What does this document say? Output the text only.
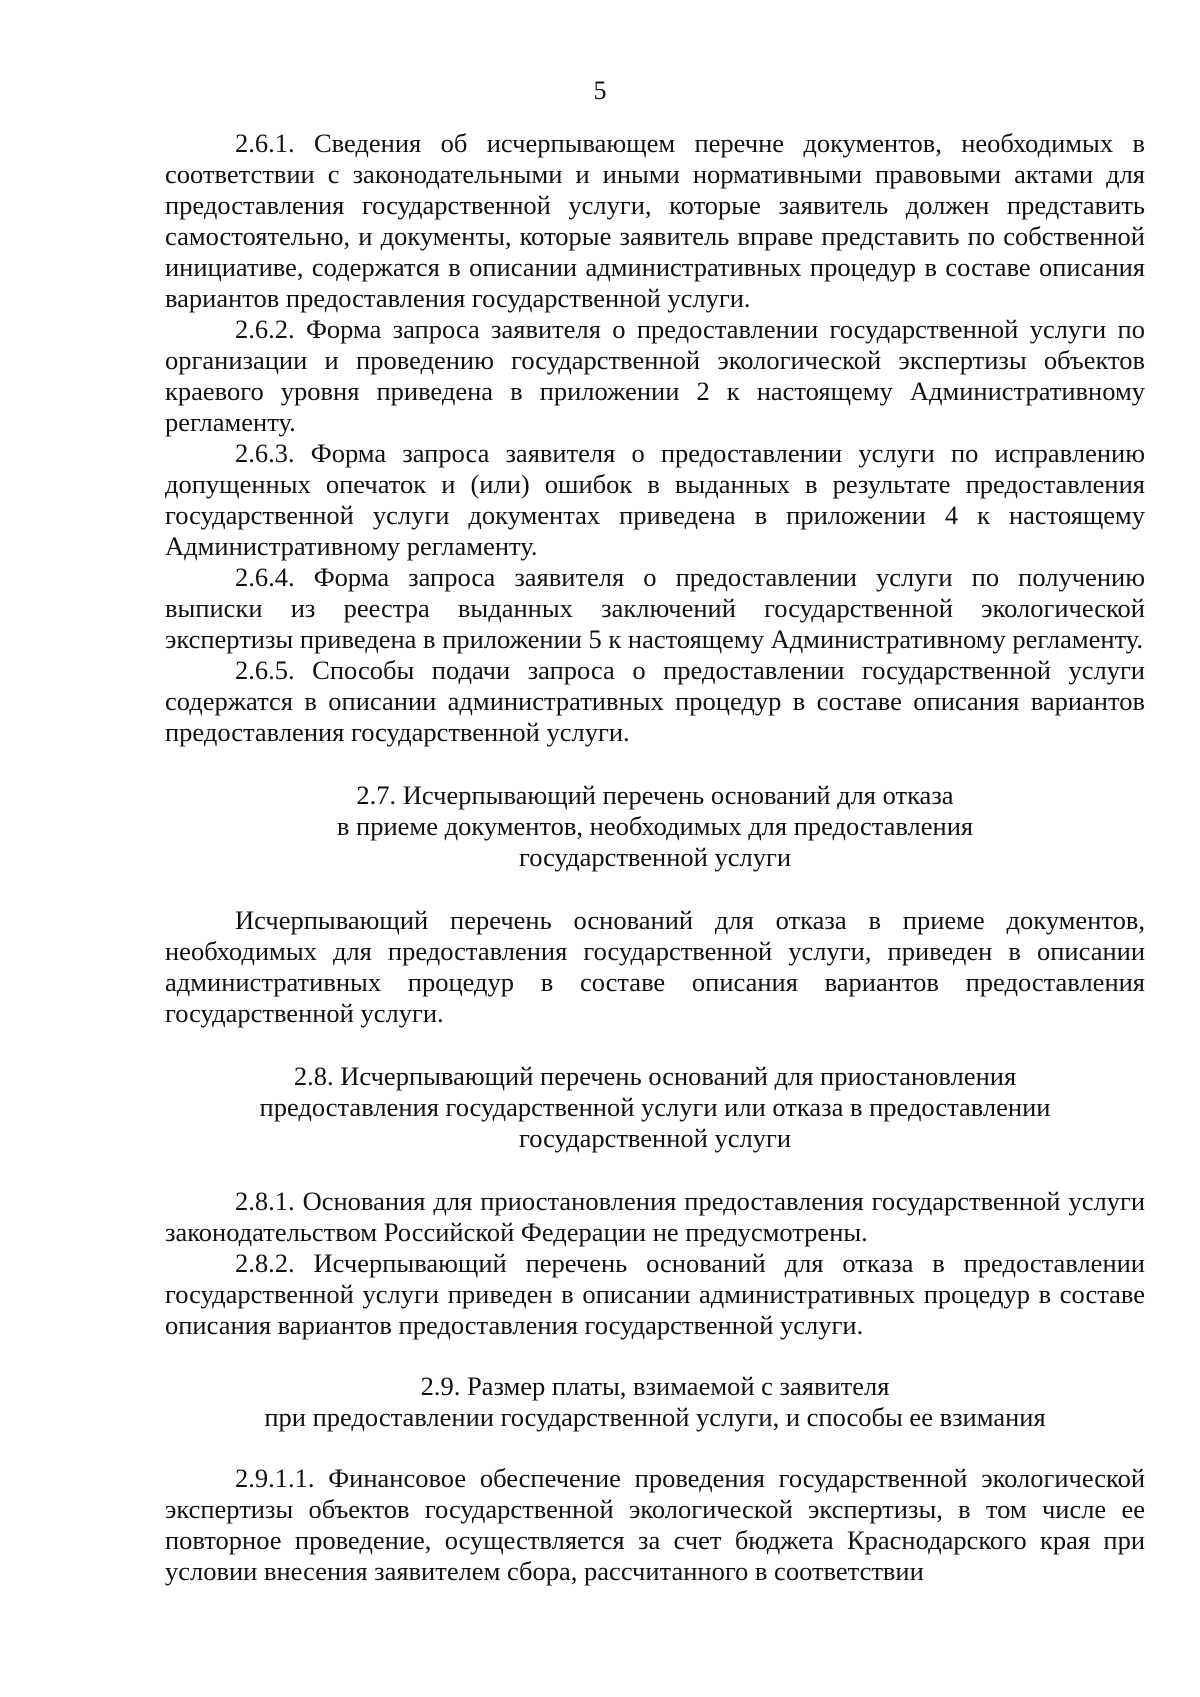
5

2.6.1. Сведения об исчерпывающем перечне документов, необходимых в соответствии с законодательными и иными нормативными правовыми актами для предоставления государственной услуги, которые заявитель должен представить самостоятельно, и документы, которые заявитель вправе представить по собственной инициативе, содержатся в описании административных процедур в составе описания вариантов предоставления государственной услуги.

2.6.2. Форма запроса заявителя о предоставлении государственной услуги по организации и проведению государственной экологической экспертизы объектов краевого уровня приведена в приложении 2 к настоящему Административному регламенту.

2.6.3. Форма запроса заявителя о предоставлении услуги по исправлению допущенных опечаток и (или) ошибок в выданных в результате предоставления государственной услуги документах приведена в приложении 4 к настоящему Административному регламенту.

2.6.4. Форма запроса заявителя о предоставлении услуги по получению выписки из реестра выданных заключений государственной экологической экспертизы приведена в приложении 5 к настоящему Административному регламенту.

2.6.5. Способы подачи запроса о предоставлении государственной услуги содержатся в описании административных процедур в составе описания вариантов предоставления государственной услуги.

2.7. Исчерпывающий перечень оснований для отказа

в приеме документов, необходимых для предоставления

государственной услуги

Исчерпывающий перечень оснований для отказа в приеме документов, необходимых для предоставления государственной услуги, приведен в описании административных процедур в составе описания вариантов предоставления государственной услуги.

2.8. Исчерпывающий перечень оснований для приостановления

предоставления государственной услуги или отказа в предоставлении

государственной услуги

2.8.1. Основания для приостановления предоставления государственной услуги законодательством Российской Федерации не предусмотрены.

2.8.2. Исчерпывающий перечень оснований для отказа в предоставлении государственной услуги приведен в описании административных процедур в составе описания вариантов предоставления государственной услуги.

2.9. Размер платы, взимаемой с заявителя

при предоставлении государственной услуги, и способы ее взимания

2.9.1.1. Финансовое обеспечение проведения государственной экологической экспертизы объектов государственной экологической экспертизы, в том числе ее повторное проведение, осуществляется за счет бюджета Краснодарского края при условии внесения заявителем сбора, рассчитанного в соответствии
